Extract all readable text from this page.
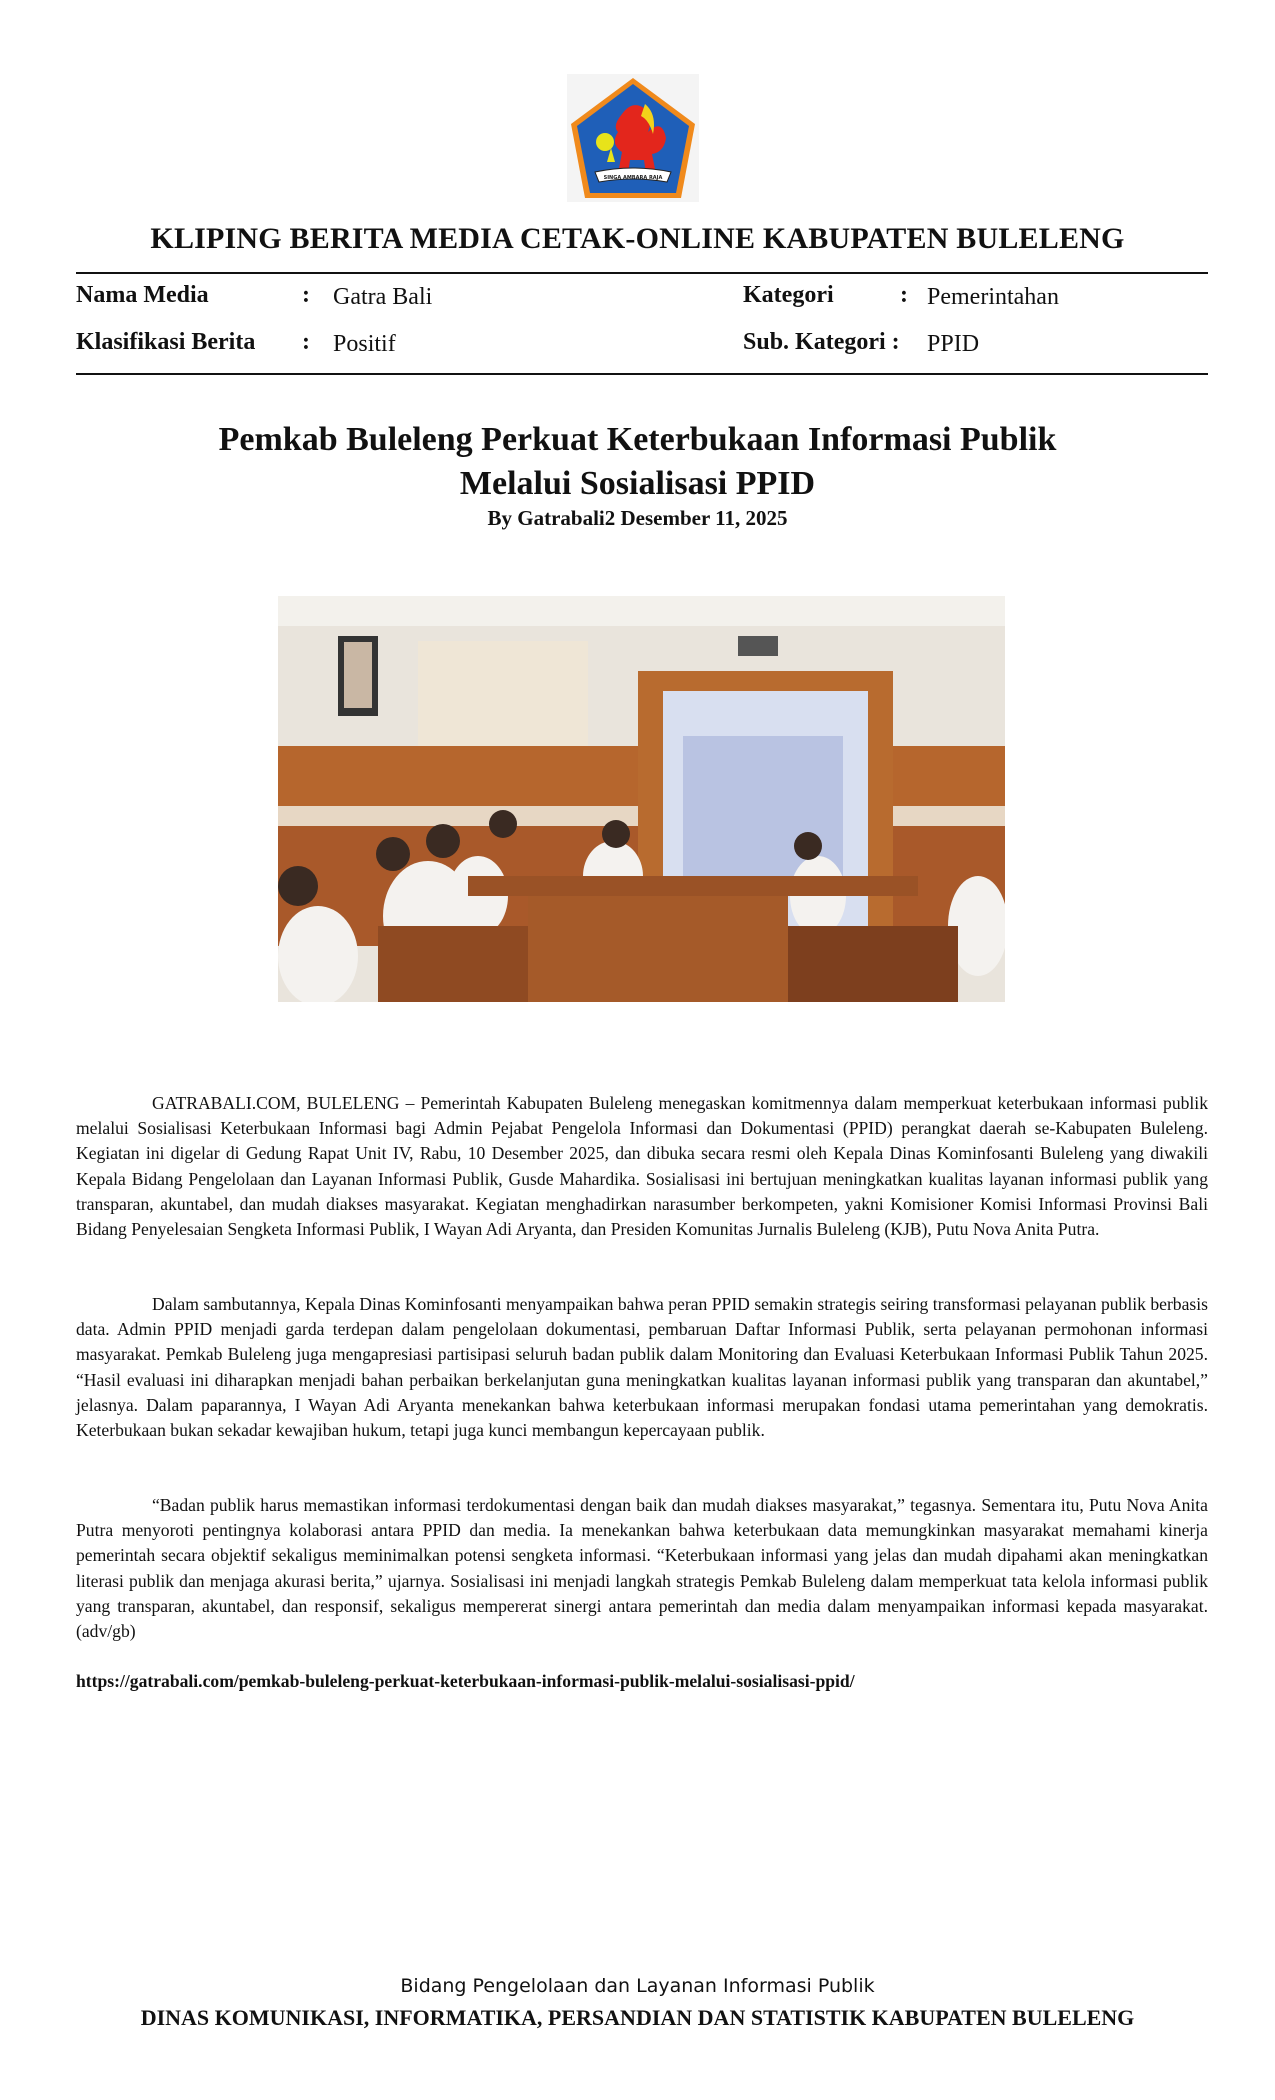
SINGA AMBARA RAJA
KLIPING BERITA MEDIA CETAK-ONLINE KABUPATEN BULELENG
Nama Media	: Gatra Bali	Kategori	: Pemerintahan
Klasifikasi Berita : Positif	Sub. Kategori : PPID
Pemkab Buleleng Perkuat Keterbukaan Informasi Publik
Melalui Sosialisasi PPID
By Gatrabali2 Desember 11, 2025

GATRABALI.COM, BULELENG – Pemerintah Kabupaten Buleleng menegaskan komitmennya dalam memperkuat keterbukaan informasi publik melalui Sosialisasi Keterbukaan Informasi bagi Admin Pejabat Pengelola Informasi dan Dokumentasi (PPID) perangkat daerah se-Kabupaten Buleleng. Kegiatan ini digelar di Gedung Rapat Unit IV, Rabu, 10 Desember 2025, dan dibuka secara resmi oleh Kepala Dinas Kominfosanti Buleleng yang diwakili Kepala Bidang Pengelolaan dan Layanan Informasi Publik, Gusde Mahardika. Sosialisasi ini bertujuan meningkatkan kualitas layanan informasi publik yang transparan, akuntabel, dan mudah diakses masyarakat. Kegiatan menghadirkan narasumber berkompeten, yakni Komisioner Komisi Informasi Provinsi Bali Bidang Penyelesaian Sengketa Informasi Publik, I Wayan Adi Aryanta, dan Presiden Komunitas Jurnalis Buleleng (KJB), Putu Nova Anita Putra.

Dalam sambutannya, Kepala Dinas Kominfosanti menyampaikan bahwa peran PPID semakin strategis seiring transformasi pelayanan publik berbasis data. Admin PPID menjadi garda terdepan dalam pengelolaan dokumentasi, pembaruan Daftar Informasi Publik, serta pelayanan permohonan informasi masyarakat. Pemkab Buleleng juga mengapresiasi partisipasi seluruh badan publik dalam Monitoring dan Evaluasi Keterbukaan Informasi Publik Tahun 2025. “Hasil evaluasi ini diharapkan menjadi bahan perbaikan berkelanjutan guna meningkatkan kualitas layanan informasi publik yang transparan dan akuntabel,” jelasnya. Dalam paparannya, I Wayan Adi Aryanta menekankan bahwa keterbukaan informasi merupakan fondasi utama pemerintahan yang demokratis. Keterbukaan bukan sekadar kewajiban hukum, tetapi juga kunci membangun kepercayaan publik.

“Badan publik harus memastikan informasi terdokumentasi dengan baik dan mudah diakses masyarakat,” tegasnya. Sementara itu, Putu Nova Anita Putra menyoroti pentingnya kolaborasi antara PPID dan media. Ia menekankan bahwa keterbukaan data memungkinkan masyarakat memahami kinerja pemerintah secara objektif sekaligus meminimalkan potensi sengketa informasi. “Keterbukaan informasi yang jelas dan mudah dipahami akan meningkatkan literasi publik dan menjaga akurasi berita,” ujarnya. Sosialisasi ini menjadi langkah strategis Pemkab Buleleng dalam memperkuat tata kelola informasi publik yang transparan, akuntabel, dan responsif, sekaligus mempererat sinergi antara pemerintah dan media dalam menyampaikan informasi kepada masyarakat. (adv/gb)

https://gatrabali.com/pemkab-buleleng-perkuat-keterbukaan-informasi-publik-melalui-sosialisasi-ppid/
Bidang Pengelolaan dan Layanan Informasi Publik
DINAS KOMUNIKASI, INFORMATIKA, PERSANDIAN DAN STATISTIK KABUPATEN BULELENG
